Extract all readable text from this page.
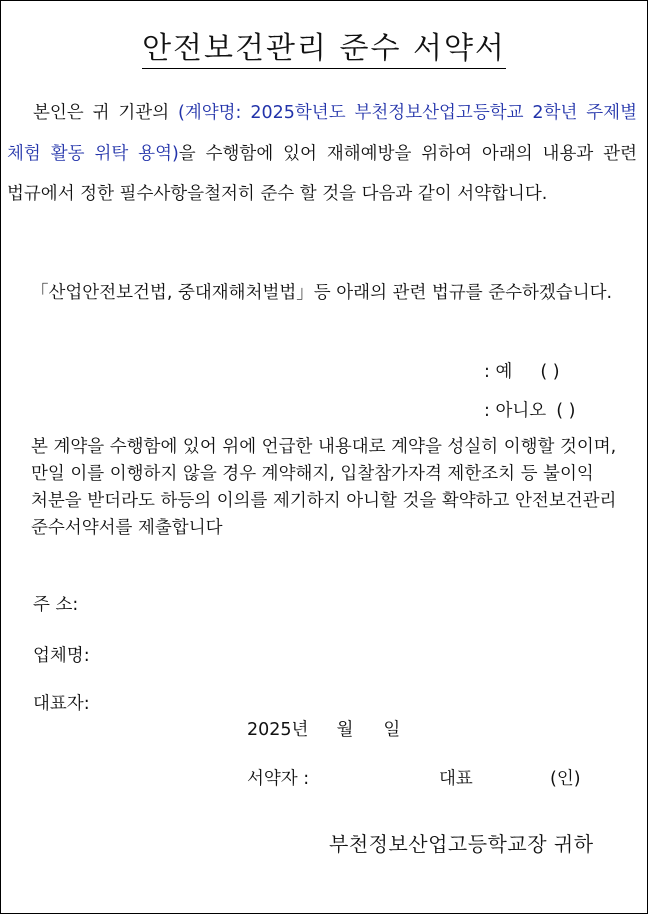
안전보건관리 준수 서약서
본인은 귀 기관의 (계약명: 2025학년도 부천정보산업고등학교 2학년 주제별 체험 활동 위탁 용역)을 수행함에 있어 재해예방을 위하여 아래의 내용과 관련 법규에서 정한 필수사항을철저히 준수 할 것을 다음과 같이 서약합니다.
「산업안전보건법, 중대재해처벌법」등 아래의 관련 법규를 준수하겠습니다.
: 예 ( )
: 아니오 ( )
본 계약을 수행함에 있어 위에 언급한 내용대로 계약을 성실히 이행할 것이며, 만일 이를 이행하지 않을 경우 계약해지, 입찰참가자격 제한조치 등 불이익 처분을 받더라도 하등의 이의를 제기하지 아니할 것을 확약하고 안전보건관리 준수서약서를 제출합니다
주 소:
업체명:
대표자:
2025년 월 일
서약자 :	대표	(인)
부천정보산업고등학교장 귀하
